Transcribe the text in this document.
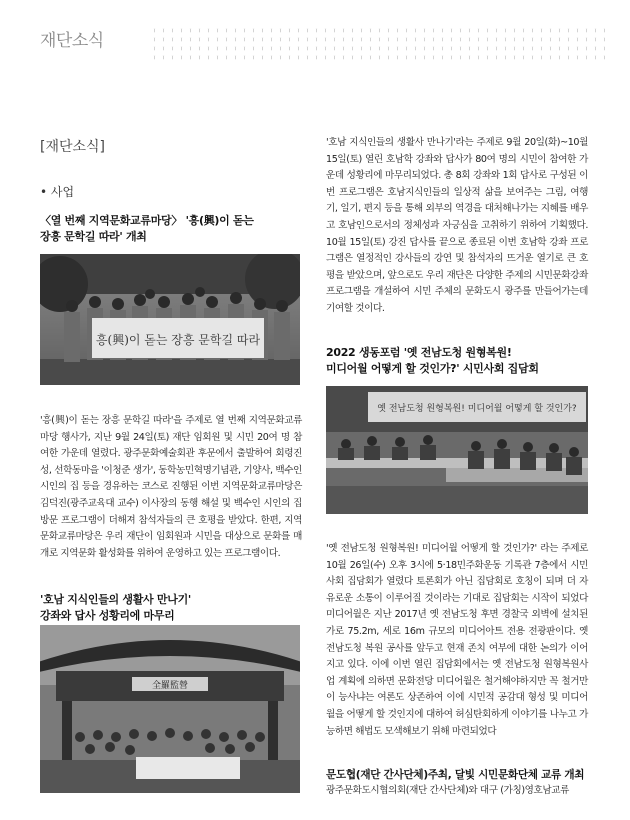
재단소식
[재단소식]
• 사업
〈열 번째 지역문화교류마당〉 '흥(興)이 돋는
장흥 문학길 따라' 개최
흥(興)이 돋는 장흥 문학길 따라
'흥(興)이 돋는 장흥 문학길 따라'을 주제로 열 번째 지역문화교류마당 행사가, 지난 9월 24일(토) 재단 임회원 및 시민 20여 명 참여한 가운데 열렸다. 광주문화예술회관 후문에서 출발하여 회령진성, 선학동마을 '이청준 생가', 동학농민혁명기념관, 기양사, 백수인 시인의 집 등을 경유하는 코스로 진행된 이번 지역문화교류마당은 김덕진(광주교육대 교수) 이사장의 동행 해설 및 백수인 시인의 집 방문 프로그램이 더해져 참석자들의 큰 호평을 받았다. 한편, 지역문화교류마당은 우리 재단이 임회원과 시민을 대상으로 문화를 매개로 지역문화 활성화를 위하여 운영하고 있는 프로그램이다.
'호남 지식인들의 생활사 만나기'
강좌와 답사 성황리에 마무리
全羅監營
'호남 지식인들의 생활사 만나기'라는 주제로 9월 20일(화)~10월 15일(토) 열린 호남학 강좌와 답사가 80여 명의 시민이 참여한 가운데 성황리에 마무리되었다. 총 8회 강좌와 1회 답사로 구성된 이번 프로그램은 호남지식인들의 일상적 삶을 보여주는 그림, 여행기, 일기, 편지 등을 통해 외부의 역경을 대처해나가는 지혜를 배우고 호남인으로서의 정체성과 자긍심을 고취하기 위하여 기획했다. 10월 15일(토) 강진 답사를 끝으로 종료된 이번 호남학 강좌 프로그램은 열정적인 강사들의 강연 및 참석자의 뜨거운 열기로 큰 호평을 받았으며, 앞으로도 우리 재단은 다양한 주제의 시민문화강좌 프로그램을 개설하여 시민 주체의 문화도시 광주를 만들어가는데 기여할 것이다.
2022 생동포럼 '옛 전남도청 원형복원!
미디어월 어떻게 할 것인가?' 시민사회 집담회
옛 전남도청 원형복원! 미디어월 어떻게 할 것인가?
'옛 전남도청 원형복원! 미디어월 어떻게 할 것인가?' 라는 주제로 10월 26일(수) 오후 3시에 5·18민주화운동 기록관 7층에서 시민사회 집담회가 열렸다 토론회가 아닌 집담회로 호칭이 되며 더 자유로운 소통이 이루어질 것이라는 기대로 집담회는 시작이 되었다 미디어월은 지난 2017년 옛 전남도청 후면 경찰국 외벽에 설치된 가로 75.2m, 세로 16m 규모의 미디어아트 전용 전광판이다. 옛 전남도청 복원 공사를 앞두고 현재 존치 여부에 대한 논의가 이어지고 있다. 이에 이번 열린 집담회에서는 옛 전남도청 원형복원사업 계획에 의하면 문화전당 미디어월은 철거해야하지만 꼭 철거만이 능사냐는 여론도 상존하여 이에 시민적 공감대 형성 및 미디어월을 어떻게 할 것인지에 대하여 허심탄회하게 이야기를 나누고 가능하면 해법도 모색해보기 위해 마련되었다
문도협(재단 간사단체)주최, 달빛 시민문화단체 교류 개최
광주문화도시협의회(재단 간사단체)와 대구 (가칭)영호남교류
